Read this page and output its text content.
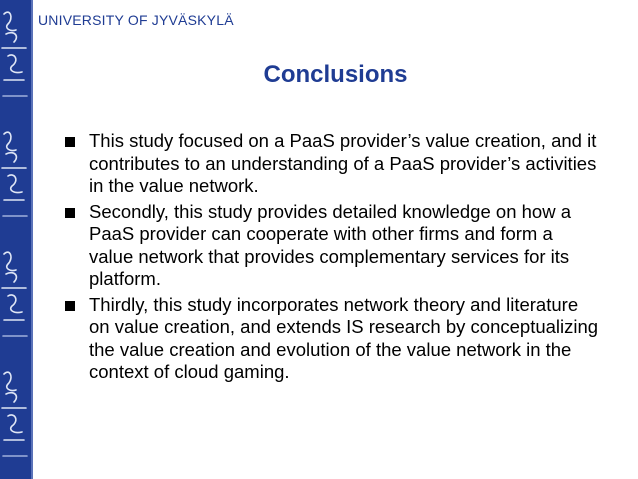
UNIVERSITY OF JYVÄSKYLÄ
Conclusions
This study focused on a PaaS provider’s value creation, and it contributes to an understanding of a PaaS provider’s activities in the value network.
Secondly, this study provides detailed knowledge on how a PaaS provider can cooperate with other firms and form a value network that provides complementary services for its platform.
Thirdly, this study incorporates network theory and literature on value creation, and extends IS research by conceptualizing the value creation and evolution of the value network in the context of cloud gaming.
